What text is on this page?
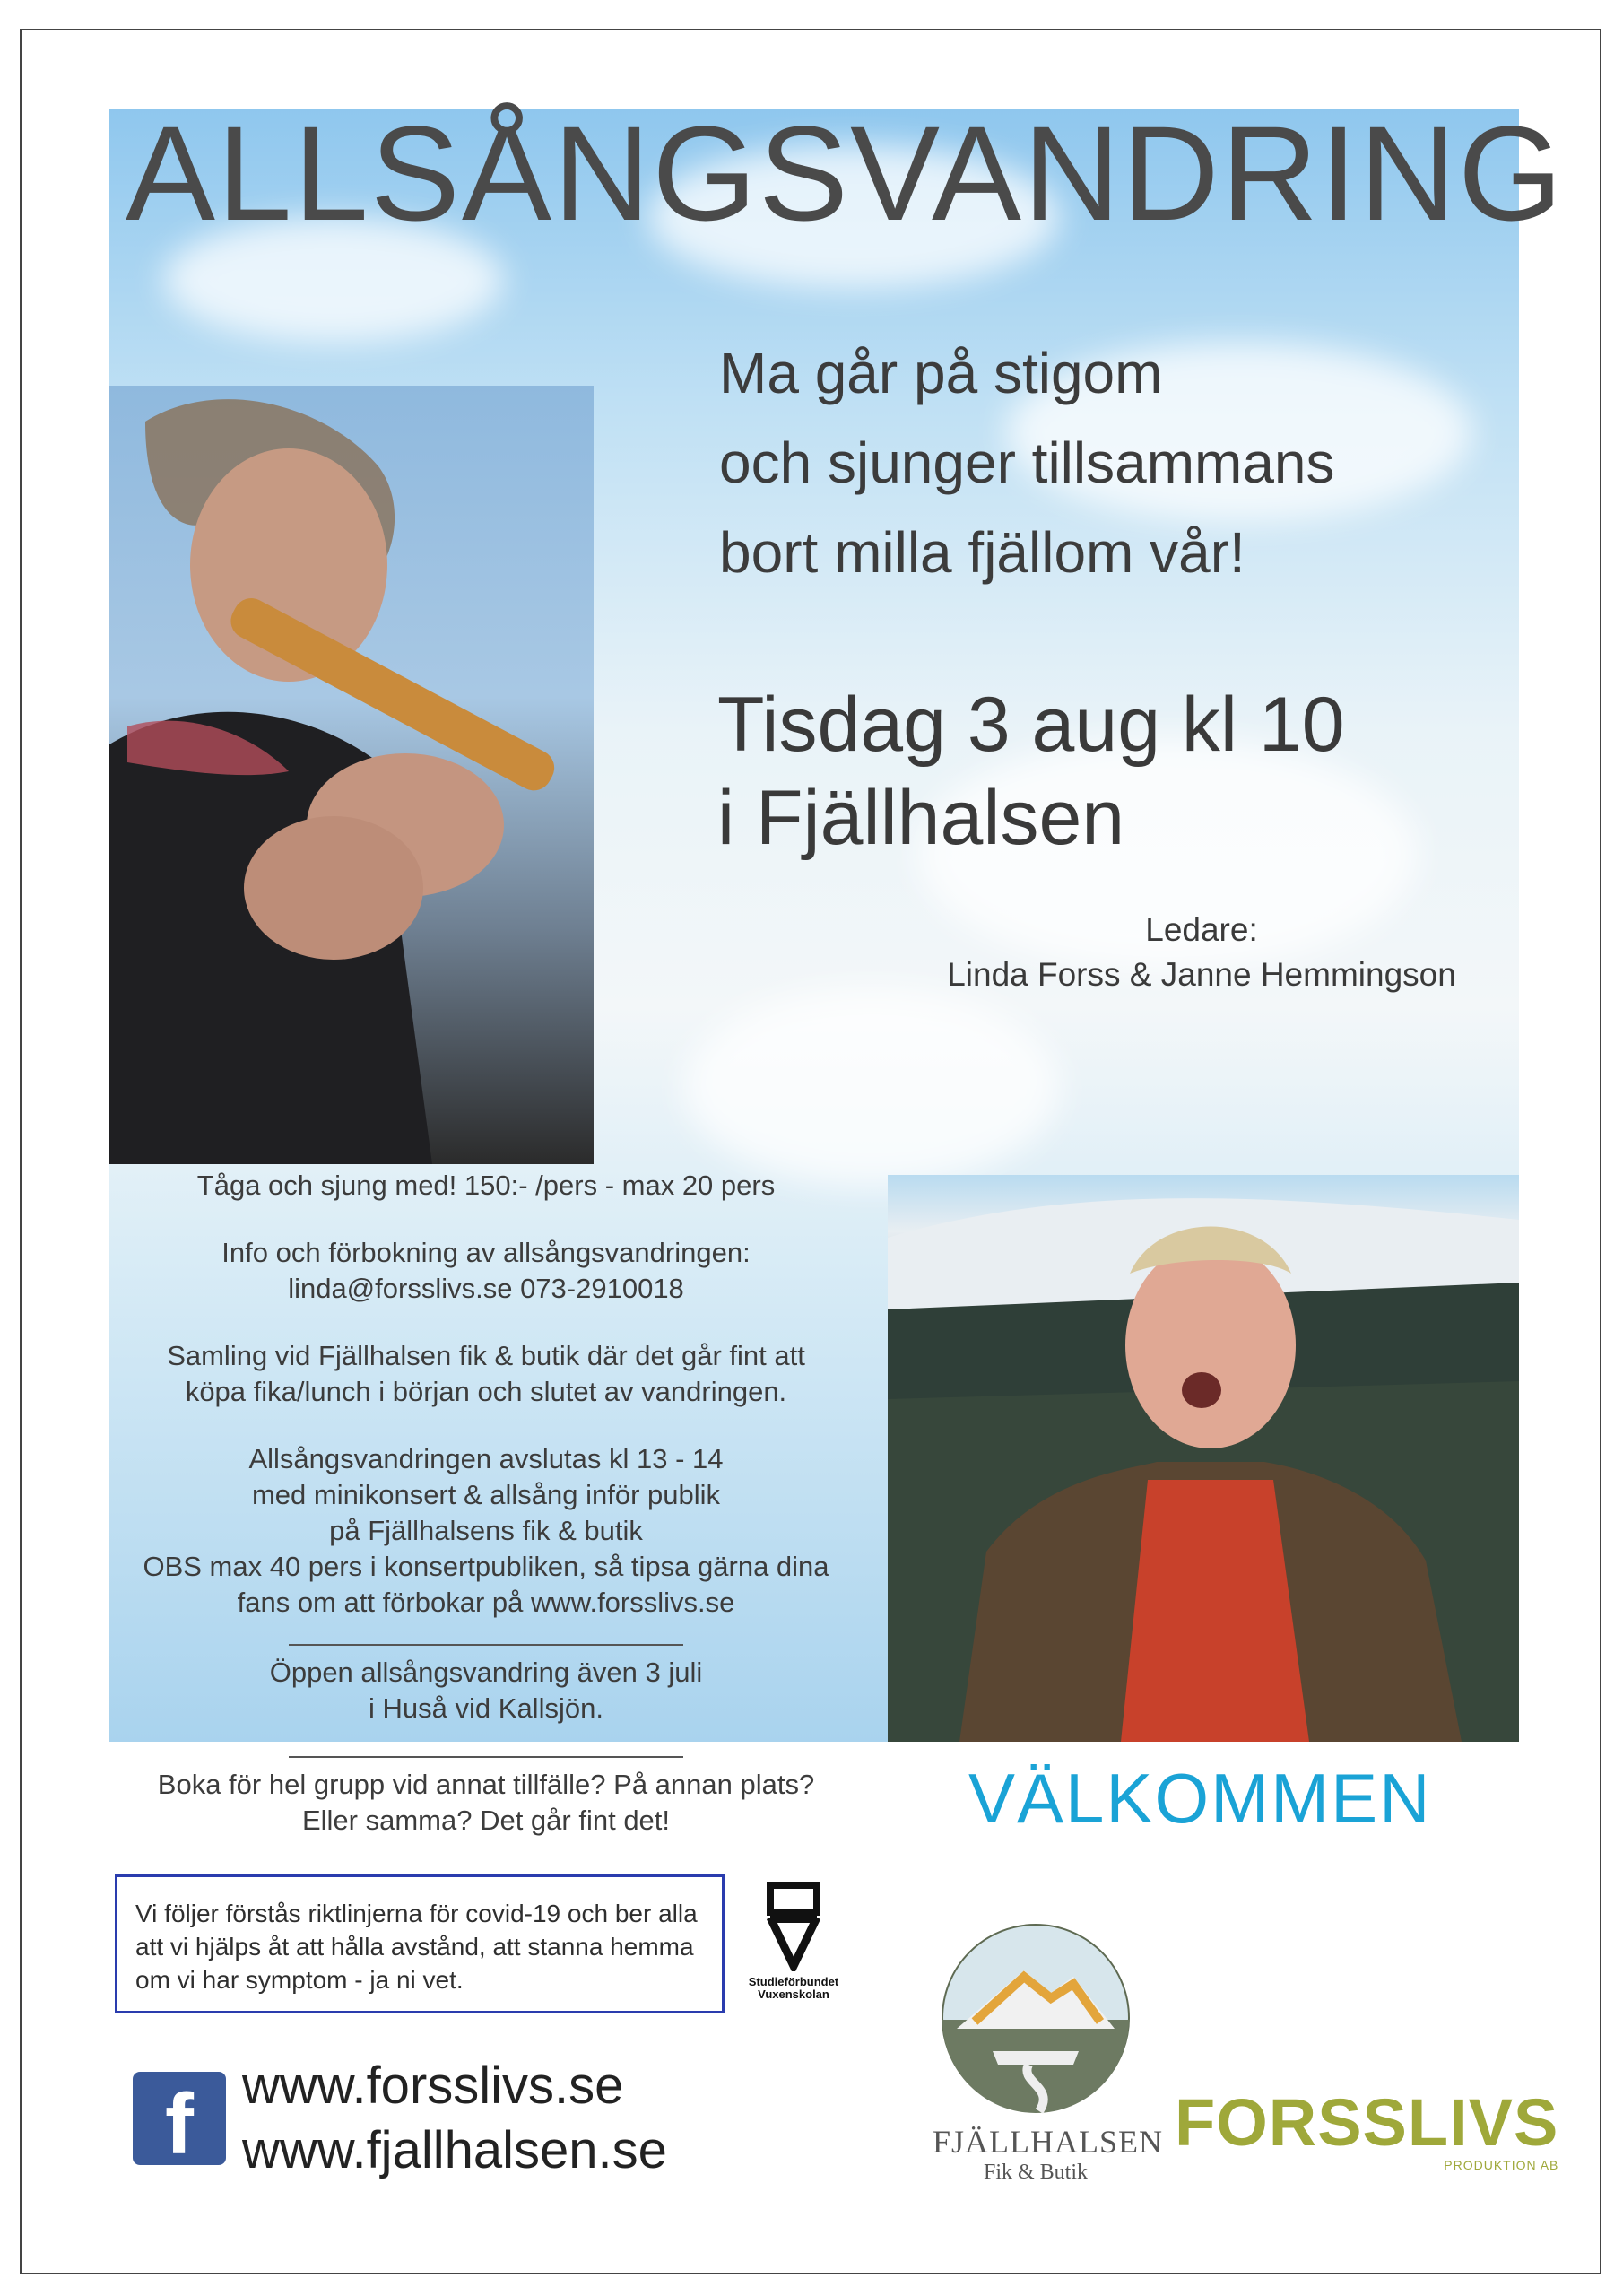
ALLSÅNGSVANDRING
Ma går på stigom
och sjunger tillsammans
bort milla fjällom vår!
Tisdag 3 aug kl 10
i Fjällhalsen
Ledare:
Linda Forss & Janne Hemmingson

Tåga och sjung med! 150:- /pers - max 20 pers

Info och förbokning av allsångsvandringen:
linda@forsslivs.se 073-2910018

Samling vid Fjällhalsen fik & butik där det går fint att
köpa fika/lunch i början och slutet av vandringen.

Allsångsvandringen avslutas kl 13 - 14
med minikonsert & allsång inför publik
på Fjällhalsens fik & butik
OBS max 40 pers i konsertpubliken, så tipsa gärna dina
fans om att förbokar på www.forsslivs.se

Öppen allsångsvandring även 3 juli
i Huså vid Kallsjön.

Boka för hel grupp vid annat tillfälle? På annan plats?
Eller samma? Det går fint det!	VÄLKOMMEN
Vi följer förstås riktlinjerna för covid-19 och ber alla att vi hjälps åt att hålla avstånd, att stanna hemma om vi har symptom - ja ni vet.	Studieförbundet
Vuxenskolan
f www.forsslivs.se
www.fjallhalsen.se	FJÄLLHALSEN
Fik & Butik
FORSSLIVS
PRODUKTION AB
